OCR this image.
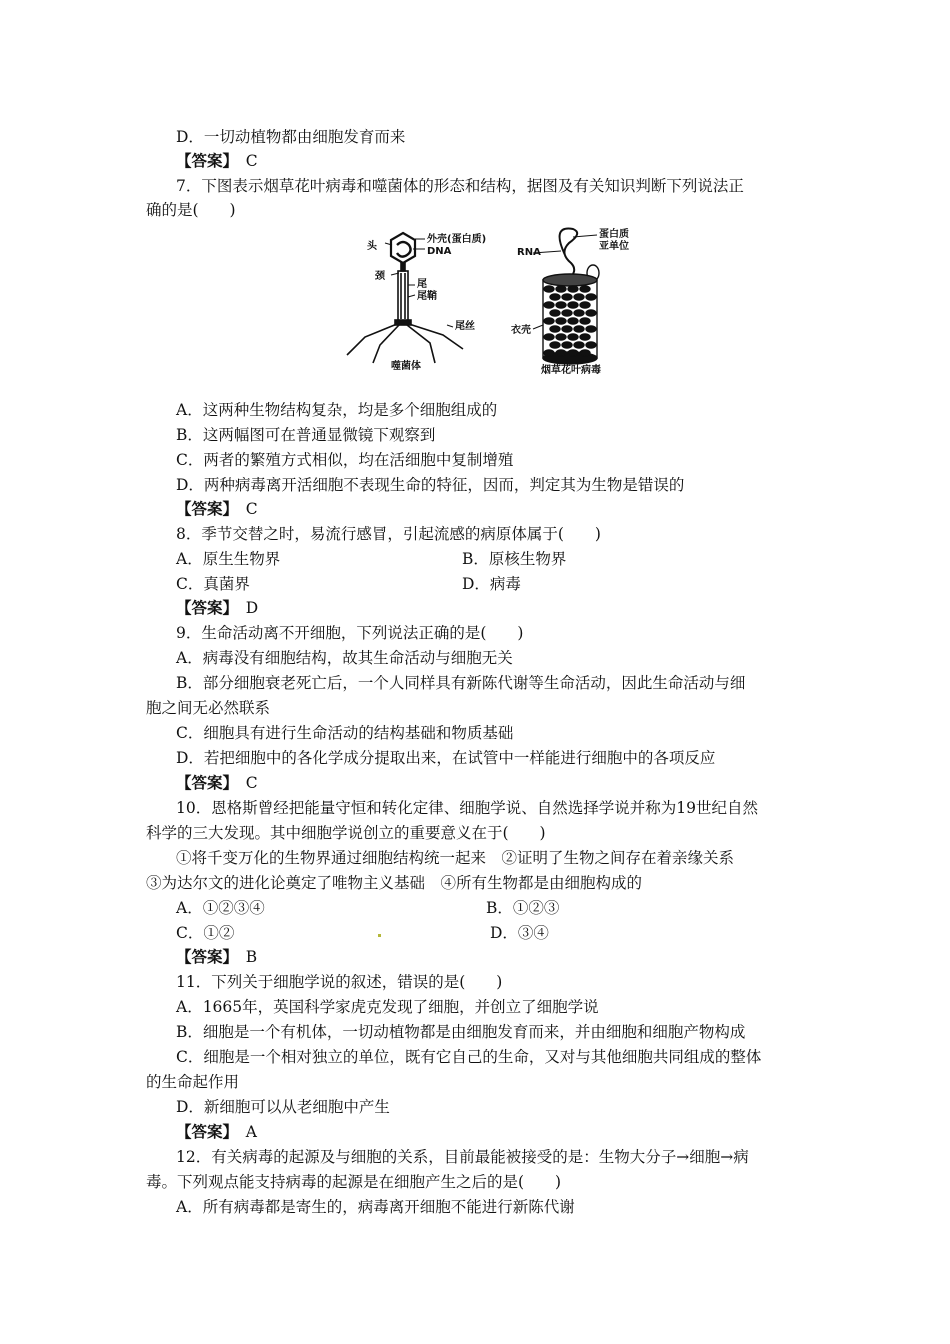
D．一切动植物都由细胞发育而来
【答案】　 C
7．下图表示烟草花叶病毒和噬菌体的形态和结构，据图及有关知识判断下列说法正
确的是(　　)
头
外壳(蛋白质)
DNA
颈
尾
尾鞘
尾丝
噬菌体
RNA
蛋白质
亚单位
衣壳
烟草花叶病毒
A．这两种生物结构复杂，均是多个细胞组成的
B．这两幅图可在普通显微镜下观察到
C．两者的繁殖方式相似，均在活细胞中复制增殖
D．两种病毒离开活细胞不表现生命的特征，因而，判定其为生物是错误的
【答案】　 C
8．季节交替之时，易流行感冒，引起流感的病原体属于(　　)
A．原生生物界	B．原核生物界
C．真菌界	D．病毒
【答案】　 D
9．生命活动离不开细胞，下列说法正确的是(　　)
A．病毒没有细胞结构，故其生命活动与细胞无关
B．部分细胞衰老死亡后，一个人同样具有新陈代谢等生命活动，因此生命活动与细
胞之间无必然联系
C．细胞具有进行生命活动的结构基础和物质基础
D．若把细胞中的各化学成分提取出来，在试管中一样能进行细胞中的各项反应
【答案】　 C
10．恩格斯曾经把能量守恒和转化定律、细胞学说、自然选择学说并称为19世纪自然
科学的三大发现。其中细胞学说创立的重要意义在于(　　)
①将千变万化的生物界通过细胞结构统一起来　②证明了生物之间存在着亲缘关系
③为达尔文的进化论奠定了唯物主义基础　④所有生物都是由细胞构成的
A．①②③④	B．①②③
C．①②	D．③④
【答案】　 B
11．下列关于细胞学说的叙述，错误的是(　　)
A．1665年，英国科学家虎克发现了细胞，并创立了细胞学说
B．细胞是一个有机体，一切动植物都是由细胞发育而来，并由细胞和细胞产物构成
C．细胞是一个相对独立的单位，既有它自己的生命，又对与其他细胞共同组成的整体
的生命起作用
D．新细胞可以从老细胞中产生
【答案】　 A
12．有关病毒的起源及与细胞的关系，目前最能被接受的是：生物大分子→细胞→病
毒。下列观点能支持病毒的起源是在细胞产生之后的是(　　)
A．所有病毒都是寄生的，病毒离开细胞不能进行新陈代谢
